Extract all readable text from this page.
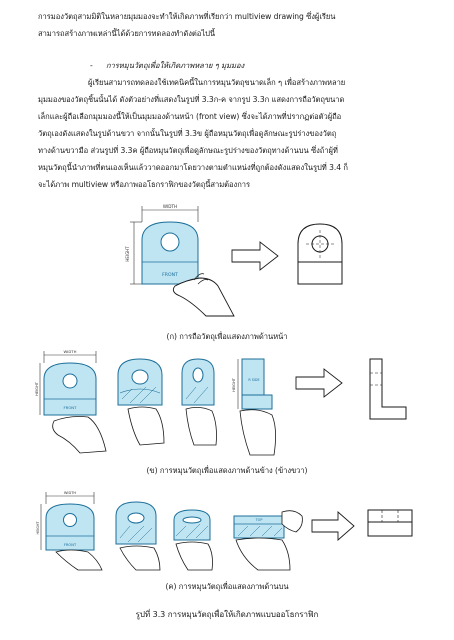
การมองวัตถุสามมิติในหลายมุมมองจะทำให้เกิดภาพที่เรียกว่า multiview drawing ซึ่งผู้เรียน
สามารถสร้างภาพเหล่านี้ได้ด้วยการทดลองทำดังต่อไปนี้
- การหมุนวัตถุเพื่อให้เกิดภาพหลาย ๆ มุมมอง
ผู้เรียนสามารถทดลองใช้เทคนิคนี้ในการหมุนวัตถุขนาดเล็ก ๆ เพื่อสร้างภาพหลาย
มุมมองของวัตถุชิ้นนั้นได้ ดังตัวอย่างที่แสดงในรูปที่ 3.3ก-ค จากรูป 3.3ก แสดงการถือวัตถุขนาด
เล็กและผู้ถือเลือกมุมมองนี้ให้เป็นมุมมองด้านหน้า (front view) ซึ่งจะได้ภาพที่ปรากฏต่อตัวผู้ถือ
วัตถุเองดังแสดงในรูปด้านขวา จากนั้นในรูปที่ 3.3ข ผู้ถือหมุนวัตถุเพื่อดูลักษณะรูปร่างของวัตถุ
ทางด้านขวามือ ส่วนรูปที่ 3.3ค ผู้ถือหมุนวัตถุเพื่อดูลักษณะรูปร่างของวัตถุทางด้านบน ซึ่งถ้าผู้ที่
หมุนวัตถุนี้นำภาพที่ตนเองเห็นแล้ววาดออกมาโดยวางตามตำแหน่งที่ถูกต้องดังแสดงในรูปที่ 3.4 ก็
จะได้ภาพ multiview หรือภาพออโธกราฟิกของวัตถุนี้สามต้องการ
WIDTH
HEIGHT
FRONT
(ก) การถือวัตถุเพื่อแสดงภาพด้านหน้า
WIDTH
HEIGHT
FRONT
HEIGHT	R SIDE
(ข) การหมุนวัตถุเพื่อแสดงภาพด้านข้าง (ข้างขวา)
WIDTH
HEIGHT
FRONT
TOP
(ค) การหมุนวัตถุเพื่อแสดงภาพด้านบน
รูปที่ 3.3 การหมุนวัตถุเพื่อให้เกิดภาพแบบออโธกราฟิก
